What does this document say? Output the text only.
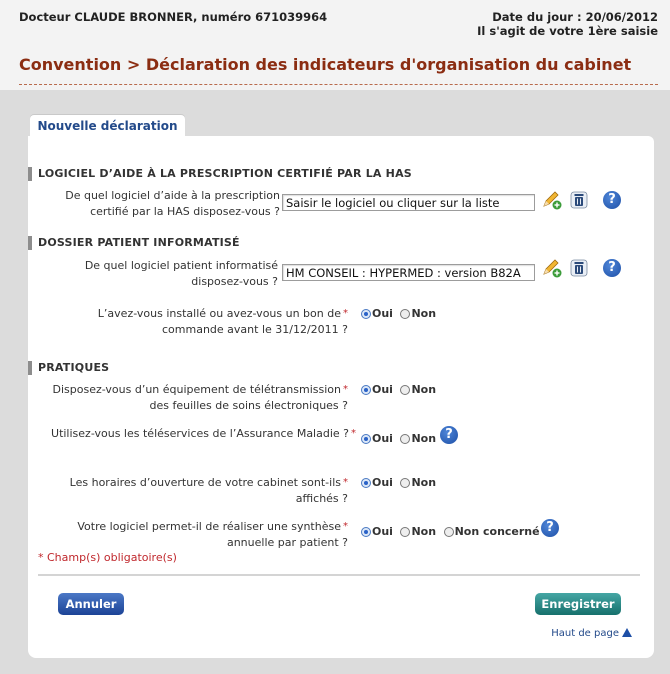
Docteur CLAUDE BRONNER, numéro 671039964	Date du jour : 20/06/2012
Il s'agit de votre 1ère saisie
Convention > Déclaration des indicateurs d'organisation du cabinet
Nouvelle déclaration
LOGICIEL D’AIDE À LA PRESCRIPTION CERTIFIÉ PAR LA HAS
De quel logiciel d’aide à la prescription
certifié par la HAS disposez-vous ?
Saisir le logiciel ou cliquer sur la liste	?
DOSSIER PATIENT INFORMATISÉ
De quel logiciel patient informatisé
disposez-vous ?
HM CONSEIL : HYPERMED : version B82A	?
L’avez-vous installé ou avez-vous un bon de *
commande avant le 31/12/2011 ?
Oui Non
PRATIQUES
Disposez-vous d’un équipement de télétransmission *
des feuilles de soins électroniques ?
Oui Non
Utilisez-vous les téléservices de l’Assurance Maladie ? *	Oui Non ?
Les horaires d’ouverture de votre cabinet sont-ils *
affichés ?
Oui Non
Votre logiciel permet-il de réaliser une synthèse *
annuelle par patient ?
Oui Non Non concerné ?
* Champ(s) obligatoire(s)
Annuler	Enregistrer
Haut de page
